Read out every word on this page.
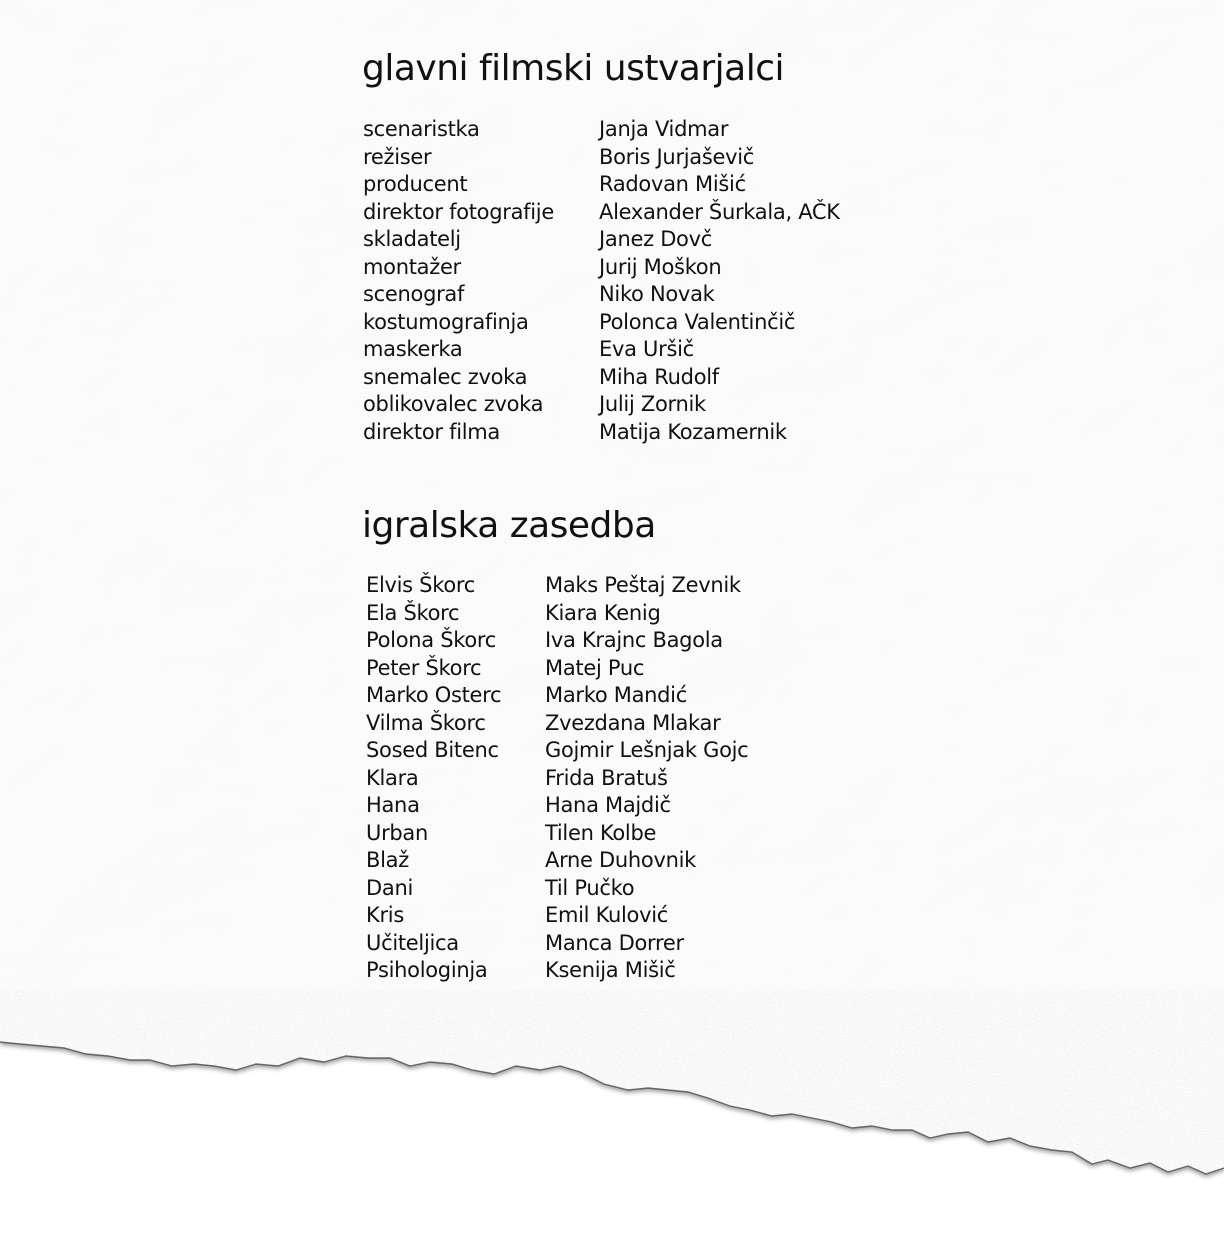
glavni filmski ustvarjalci
scenaristka
režiser
producent
direktor fotografije
skladatelj
montažer
scenograf
kostumografinja
maskerka
snemalec zvoka
oblikovalec zvoka
direktor filma
Janja Vidmar
Boris Jurjaševič
Radovan Mišić
Alexander Šurkala, AČK
Janez Dovč
Jurij Moškon
Niko Novak
Polonca Valentinčič
Eva Uršič
Miha Rudolf
Julij Zornik
Matija Kozamernik
igralska zasedba
Elvis Škorc
Ela Škorc
Polona Škorc
Peter Škorc
Marko Osterc
Vilma Škorc
Sosed Bitenc
Klara
Hana
Urban
Blaž
Dani
Kris
Učiteljica
Psihologinja
Maks Peštaj Zevnik
Kiara Kenig
Iva Krajnc Bagola
Matej Puc
Marko Mandić
Zvezdana Mlakar
Gojmir Lešnjak Gojc
Frida Bratuš
Hana Majdič
Tilen Kolbe
Arne Duhovnik
Til Pučko
Emil Kulović
Manca Dorrer
Ksenija Mišič
